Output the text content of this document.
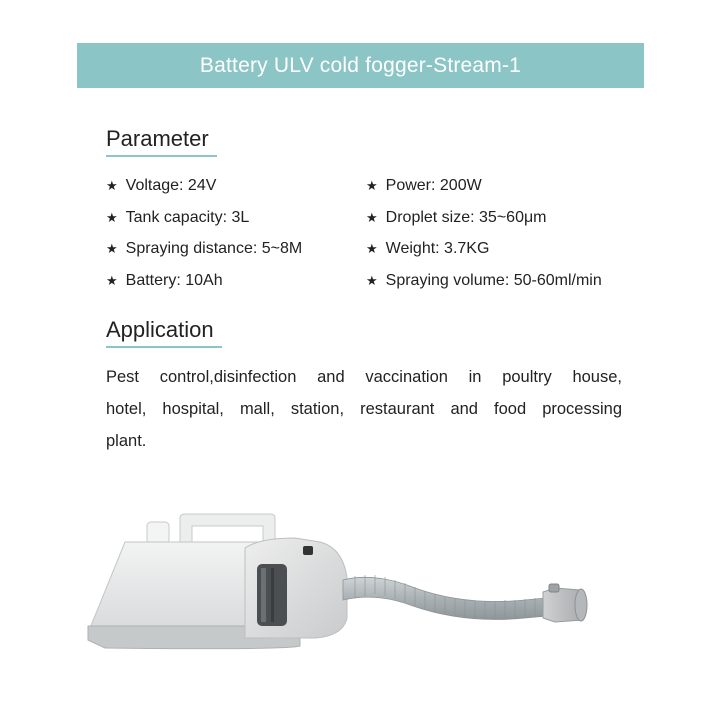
Battery ULV cold fogger-Stream-1
Parameter
★ Voltage: 24V
★ Tank capacity: 3L
★ Spraying distance: 5~8M
★ Battery: 10Ah
★ Power: 200W
★ Droplet size: 35~60μm
★ Weight: 3.7KG
★ Spraying volume: 50-60ml/min
Application
Pest control,disinfection and vaccination in poultry house,
hotel, hospital, mall, station, restaurant and food processing
plant.
